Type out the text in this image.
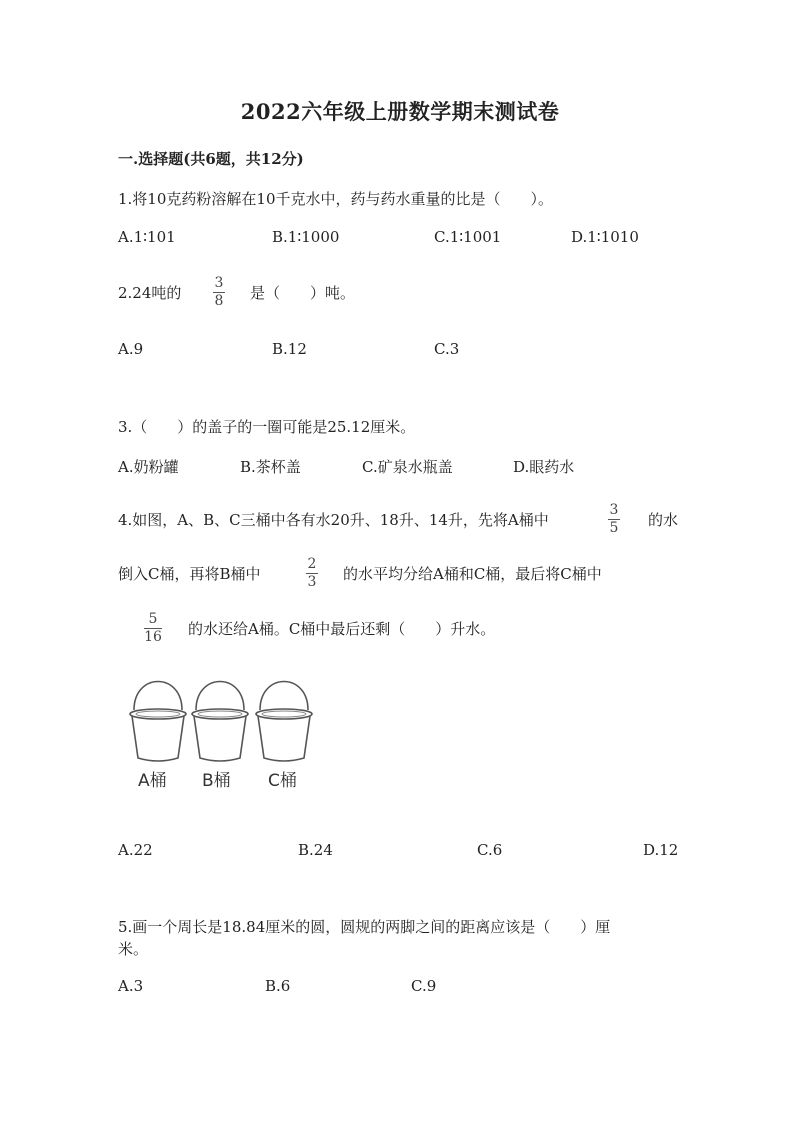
2022六年级上册数学期末测试卷
一.选择题(共6题，共12分)
1.将10克药粉溶解在10千克水中，药与药水重量的比是（　　）。
A.1∶101	B.1∶1000	C.1∶1001	D.1∶1010
2.24吨的
3
8 是（　　）吨。
A.9	B.12	C.3
3.（　　）的盖子的一圈可能是25.12厘米。
A.奶粉罐	B.茶杯盖	C.矿泉水瓶盖	D.眼药水
4.如图，A、B、C三桶中各有水20升、18升、14升，先将A桶中
3
5 的水
倒入C桶，再将B桶中
2
3 的水平均分给A桶和C桶，最后将C桶中
5
16 的水还给A桶。C桶中最后还剩（　　）升水。
A桶 B桶 C桶
A.22	B.24	C.6	D.12
5.画一个周长是18.84厘米的圆，圆规的两脚之间的距离应该是（　　）厘
米。
A.3	B.6	C.9
